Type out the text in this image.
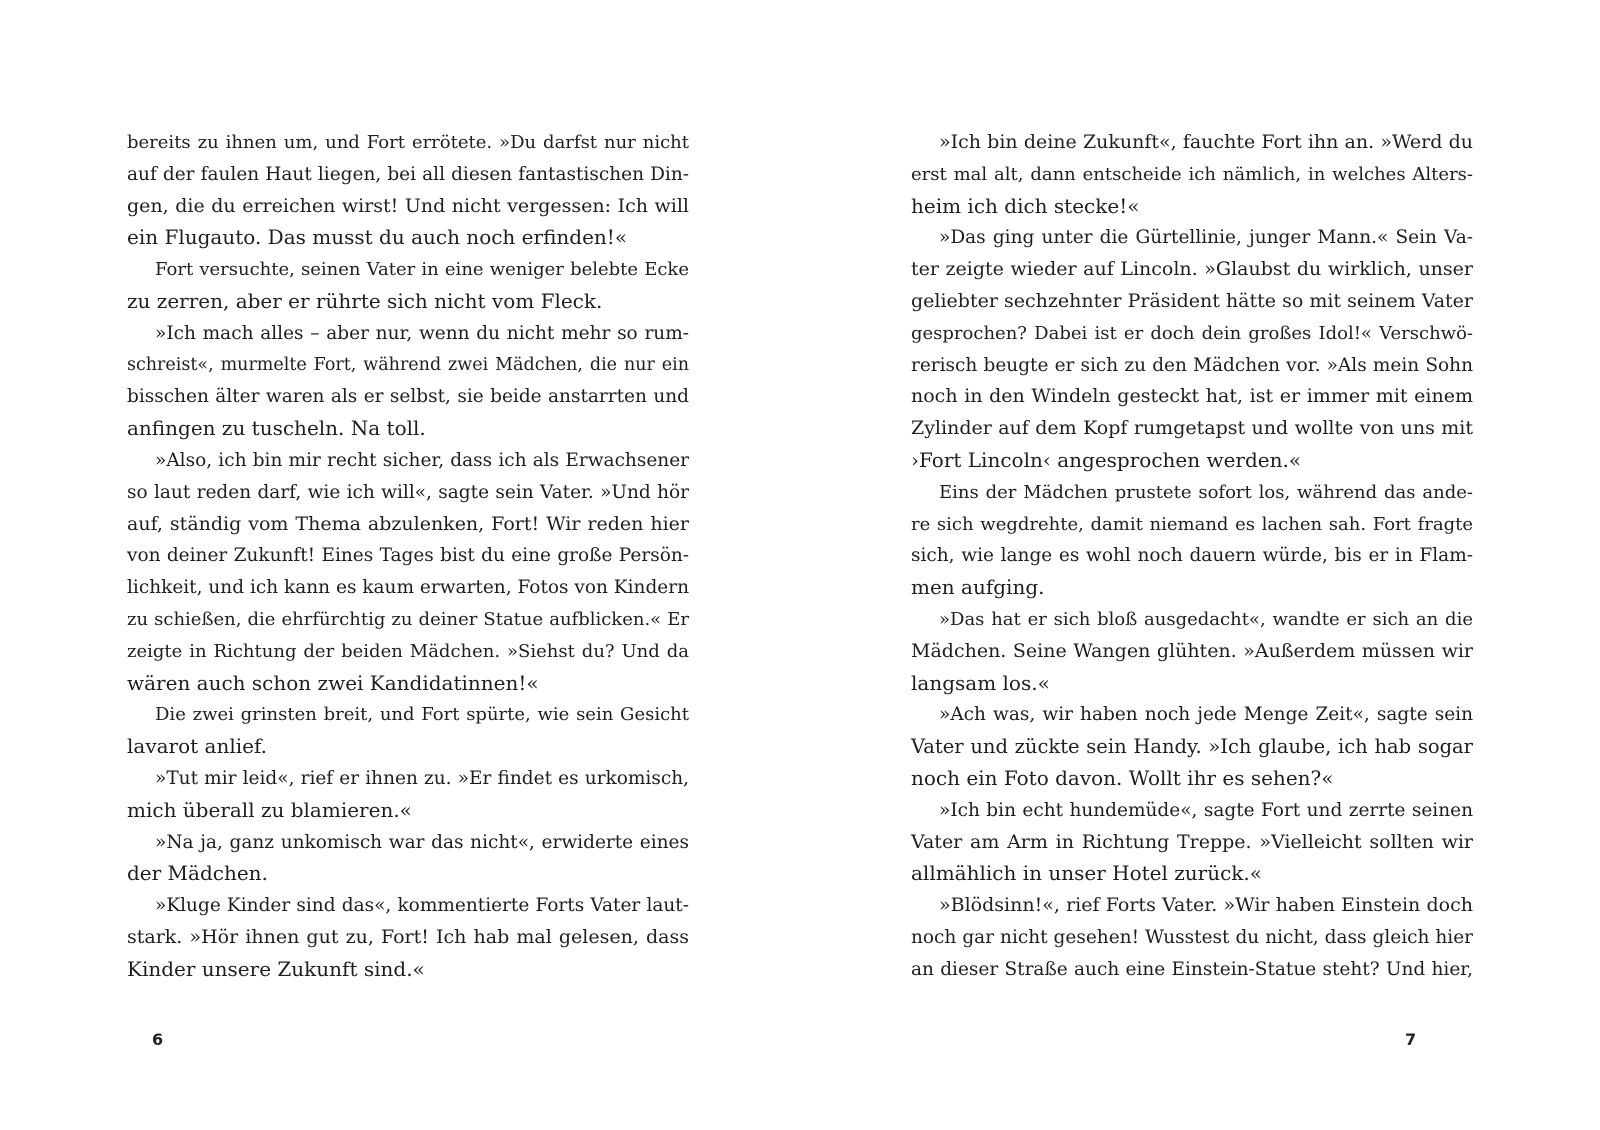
bereits zu ihnen um, und Fort errötete. »Du darfst nur nicht
auf der faulen Haut liegen, bei all diesen fantastischen Din-
gen, die du erreichen wirst! Und nicht vergessen: Ich will
ein Flugauto. Das musst du auch noch erfinden!«
Fort versuchte, seinen Vater in eine weniger belebte Ecke
zu zerren, aber er rührte sich nicht vom Fleck.
»Ich mach alles – aber nur, wenn du nicht mehr so rum-
schreist«, murmelte Fort, während zwei Mädchen, die nur ein
bisschen älter waren als er selbst, sie beide anstarrten und
anfingen zu tuscheln. Na toll.
»Also, ich bin mir recht sicher, dass ich als Erwachsener
so laut reden darf, wie ich will«, sagte sein Vater. »Und hör
auf, ständig vom Thema abzulenken, Fort! Wir reden hier
von deiner Zukunft! Eines Tages bist du eine große Persön-
lichkeit, und ich kann es kaum erwarten, Fotos von Kindern
zu schießen, die ehrfürchtig zu deiner Statue aufblicken.« Er
zeigte in Richtung der beiden Mädchen. »Siehst du? Und da
wären auch schon zwei Kandidatinnen!«
Die zwei grinsten breit, und Fort spürte, wie sein Gesicht
lavarot anlief.
»Tut mir leid«, rief er ihnen zu. »Er findet es urkomisch,
mich überall zu blamieren.«
»Na ja, ganz unkomisch war das nicht«, erwiderte eines
der Mädchen.
»Kluge Kinder sind das«, kommentierte Forts Vater laut-
stark. »Hör ihnen gut zu, Fort! Ich hab mal gelesen, dass
Kinder unsere Zukunft sind.«
6
»Ich bin deine Zukunft«, fauchte Fort ihn an. »Werd du
erst mal alt, dann entscheide ich nämlich, in welches Alters-
heim ich dich stecke!«
»Das ging unter die Gürtellinie, junger Mann.« Sein Va-
ter zeigte wieder auf Lincoln. »Glaubst du wirklich, unser
geliebter sechzehnter Präsident hätte so mit seinem Vater
gesprochen? Dabei ist er doch dein großes Idol!« Verschwö-
rerisch beugte er sich zu den Mädchen vor. »Als mein Sohn
noch in den Windeln gesteckt hat, ist er immer mit einem
Zylinder auf dem Kopf rumgetapst und wollte von uns mit
›Fort Lincoln‹ angesprochen werden.«
Eins der Mädchen prustete sofort los, während das ande-
re sich wegdrehte, damit niemand es lachen sah. Fort fragte
sich, wie lange es wohl noch dauern würde, bis er in Flam-
men aufging.
»Das hat er sich bloß ausgedacht«, wandte er sich an die
Mädchen. Seine Wangen glühten. »Außerdem müssen wir
langsam los.«
»Ach was, wir haben noch jede Menge Zeit«, sagte sein
Vater und zückte sein Handy. »Ich glaube, ich hab sogar
noch ein Foto davon. Wollt ihr es sehen?«
»Ich bin echt hundemüde«, sagte Fort und zerrte seinen
Vater am Arm in Richtung Treppe. »Vielleicht sollten wir
allmählich in unser Hotel zurück.«
»Blödsinn!«, rief Forts Vater. »Wir haben Einstein doch
noch gar nicht gesehen! Wusstest du nicht, dass gleich hier
an dieser Straße auch eine Einstein-Statue steht? Und hier,
7
